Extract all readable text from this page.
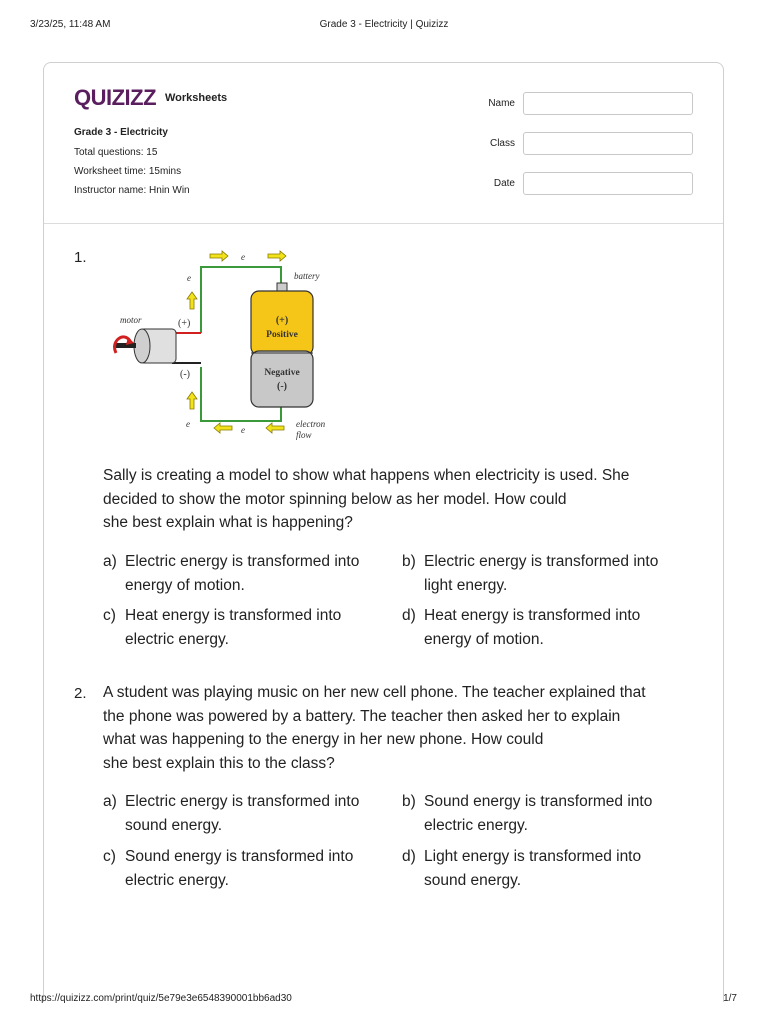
3/23/25, 11:48 AM	Grade 3 - Electricity | Quizizz
QUIZIZZ Worksheets
Grade 3 - Electricity
Total questions: 15
Worksheet time: 15mins
Instructor name: Hnin Win
Name
Class
Date
1.	e
e
e
e
(+)
Positive
Negative
(-)
battery
motor	(+)
(-)
electron
flow
Sally is creating a model to show what happens when electricity is used. She
decided to show the motor spinning below as her model. How could
she best explain what is happening?
a) Electric energy is transformed into
energy of motion.
b) Electric energy is transformed into
light energy.
c) Heat energy is transformed into
electric energy.
d) Heat energy is transformed into
energy of motion.
2. A student was playing music on her new cell phone. The teacher explained that
the phone was powered by a battery. The teacher then asked her to explain
what was happening to the energy in her new phone. How could
she best explain this to the class?
a) Electric energy is transformed into
sound energy.
b) Sound energy is transformed into
electric energy.
c) Sound energy is transformed into
electric energy.
d) Light energy is transformed into
sound energy.
https://quizizz.com/print/quiz/5e79e3e6548390001bb6ad30	1/7
